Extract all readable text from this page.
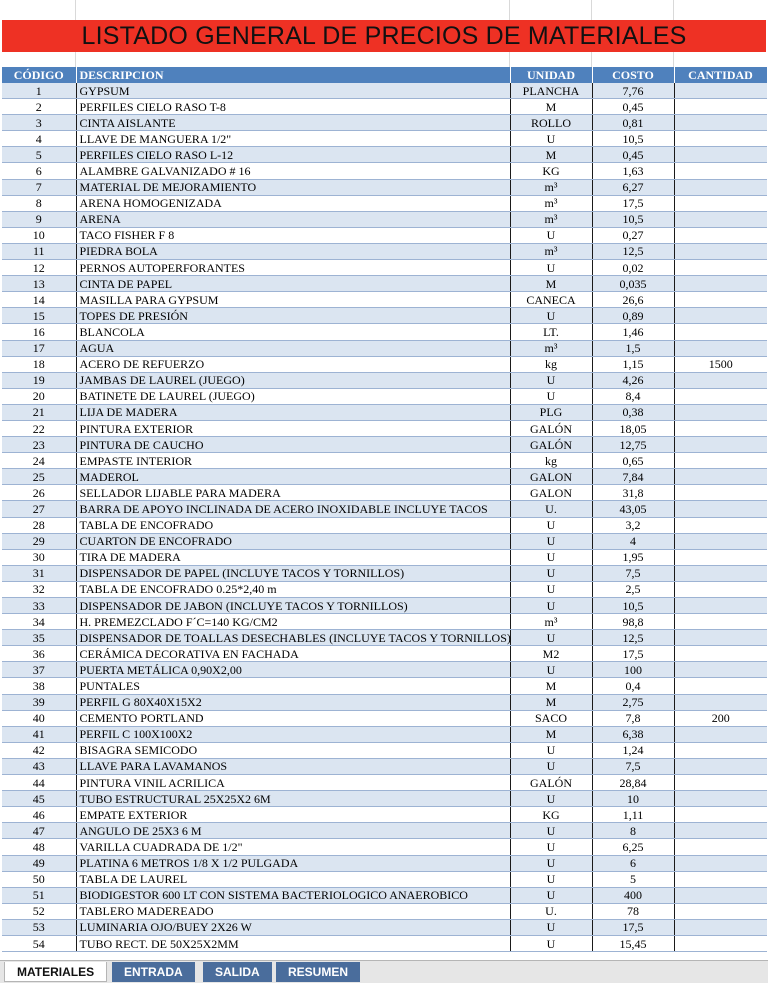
LISTADO GENERAL DE PRECIOS DE MATERIALES
CÓDIGO	DESCRIPCION	UNIDAD	COSTO	CANTIDAD
1	GYPSUM	PLANCHA	7,76	
2	PERFILES CIELO RASO T-8	M	0,45	
3	CINTA AISLANTE	ROLLO	0,81	
4	LLAVE DE MANGUERA 1/2"	U	10,5	
5	PERFILES CIELO RASO L-12	M	0,45	
6	ALAMBRE GALVANIZADO # 16	KG	1,63	
7	MATERIAL DE MEJORAMIENTO	m³	6,27	
8	ARENA HOMOGENIZADA	m³	17,5	
9	ARENA	m³	10,5	
10	TACO FISHER F 8	U	0,27	
11	PIEDRA BOLA	m³	12,5	
12	PERNOS AUTOPERFORANTES	U	0,02	
13	CINTA DE PAPEL	M	0,035	
14	MASILLA PARA GYPSUM	CANECA	26,6	
15	TOPES DE PRESIÓN	U	0,89	
16	BLANCOLA	LT.	1,46	
17	AGUA	m³	1,5	
18	ACERO DE REFUERZO	kg	1,15	1500
19	JAMBAS DE LAUREL (JUEGO)	U	4,26	
20	BATINETE DE LAUREL (JUEGO)	U	8,4	
21	LIJA DE MADERA	PLG	0,38	
22	PINTURA EXTERIOR	GALÓN	18,05	
23	PINTURA DE CAUCHO	GALÓN	12,75	
24	EMPASTE INTERIOR	kg	0,65	
25	MADEROL	GALON	7,84	
26	SELLADOR LIJABLE PARA MADERA	GALON	31,8	
27	BARRA DE APOYO INCLINADA DE ACERO INOXIDABLE INCLUYE TACOS	U.	43,05	
28	TABLA DE ENCOFRADO	U	3,2	
29	CUARTON DE ENCOFRADO	U	4	
30	TIRA DE MADERA	U	1,95	
31	DISPENSADOR DE PAPEL (INCLUYE TACOS Y TORNILLOS)	U	7,5	
32	TABLA DE ENCOFRADO 0.25*2,40 m	U	2,5	
33	DISPENSADOR DE JABON (INCLUYE TACOS Y TORNILLOS)	U	10,5	
34	H. PREMEZCLADO F´C=140 KG/CM2	m³	98,8	
35	DISPENSADOR DE TOALLAS DESECHABLES (INCLUYE TACOS Y TORNILLOS)	U	12,5	
36	CERÁMICA DECORATIVA EN FACHADA	M2	17,5	
37	PUERTA METÁLICA 0,90X2,00	U	100	
38	PUNTALES	M	0,4	
39	PERFIL G 80X40X15X2	M	2,75	
40	CEMENTO PORTLAND	SACO	7,8	200
41	PERFIL C 100X100X2	M	6,38	
42	BISAGRA SEMICODO	U	1,24	
43	LLAVE PARA LAVAMANOS	U	7,5	
44	PINTURA VINIL ACRILICA	GALÓN	28,84	
45	TUBO ESTRUCTURAL 25X25X2 6M	U	10	
46	EMPATE EXTERIOR	KG	1,11	
47	ANGULO DE 25X3 6 M	U	8	
48	VARILLA CUADRADA DE 1/2"	U	6,25	
49	PLATINA 6 METROS 1/8 X 1/2 PULGADA	U	6	
50	TABLA DE LAUREL	U	5	
51	BIODIGESTOR 600 LT CON SISTEMA BACTERIOLOGICO ANAEROBICO	U	400	
52	TABLERO MADEREADO	U.	78	
53	LUMINARIA OJO/BUEY 2X26 W	U	17,5	
54	TUBO RECT. DE 50X25X2MM	U	15,45	
MATERIALES	ENTRADA	SALIDA	RESUMEN
